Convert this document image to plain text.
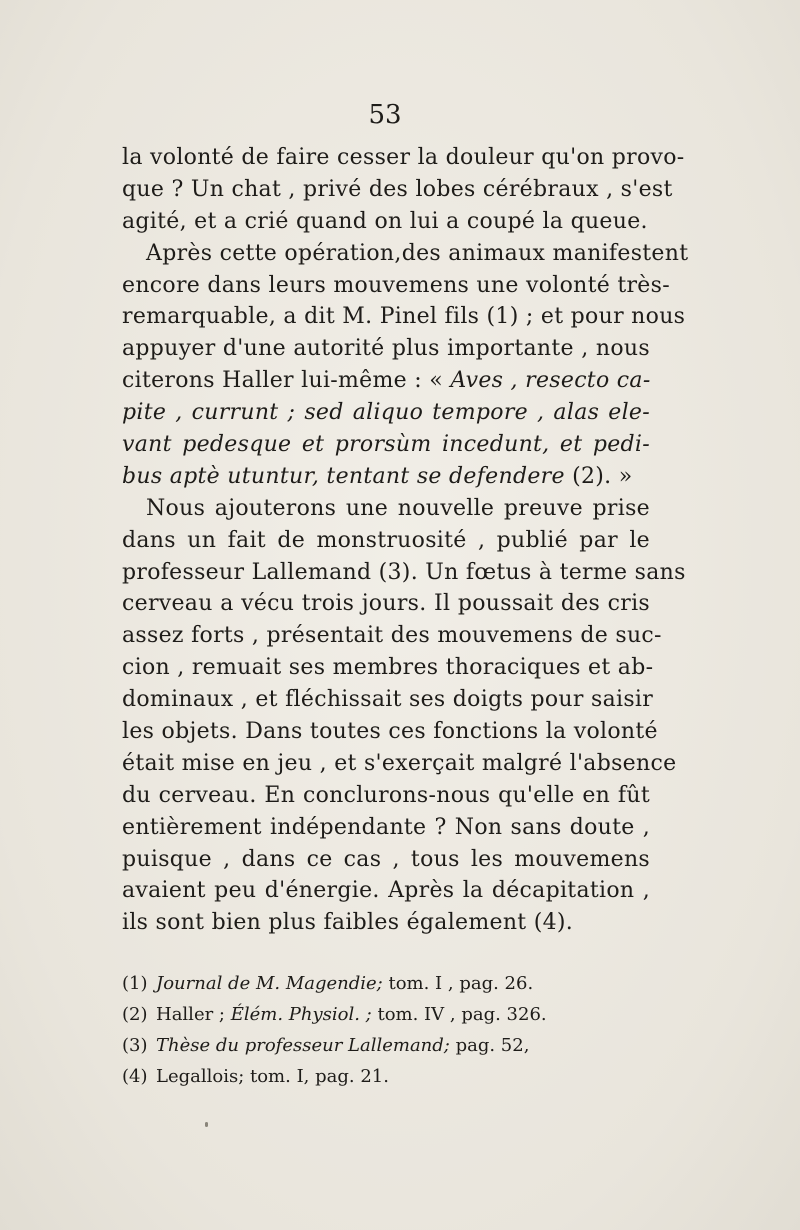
53
la volonté de faire cesser la douleur qu'on provo-
que ? Un chat , privé des lobes cérébraux , s'est
agité, et a crié quand on lui a coupé la queue.
Après cette opération,des animaux manifestent
encore dans leurs mouvemens une volonté très-
remarquable, a dit M. Pinel fils (1) ; et pour nous
appuyer d'une autorité plus importante , nous
citerons Haller lui-même : « Aves , resecto ca-
pite , currunt ; sed aliquo tempore , alas ele-
vant pedesque et prorsùm incedunt, et pedi-
bus aptè utuntur, tentant se defendere (2). »
Nous ajouterons une nouvelle preuve prise
dans un fait de monstruosité , publié par le
professeur Lallemand (3). Un fœtus à terme sans
cerveau a vécu trois jours. Il poussait des cris
assez forts , présentait des mouvemens de suc-
cion , remuait ses membres thoraciques et ab-
dominaux , et fléchissait ses doigts pour saisir
les objets. Dans toutes ces fonctions la volonté
était mise en jeu , et s'exerçait malgré l'absence
du cerveau. En conclurons-nous qu'elle en fût
entièrement indépendante ? Non sans doute ,
puisque , dans ce cas , tous les mouvemens
avaient peu d'énergie. Après la décapitation ,
ils sont bien plus faibles également (4).
(1) Journal de M. Magendie; tom. I , pag. 26.
(2) Haller ; Élém. Physiol. ; tom. IV , pag. 326.
(3) Thèse du professeur Lallemand; pag. 52,
(4) Legallois; tom. I, pag. 21.
